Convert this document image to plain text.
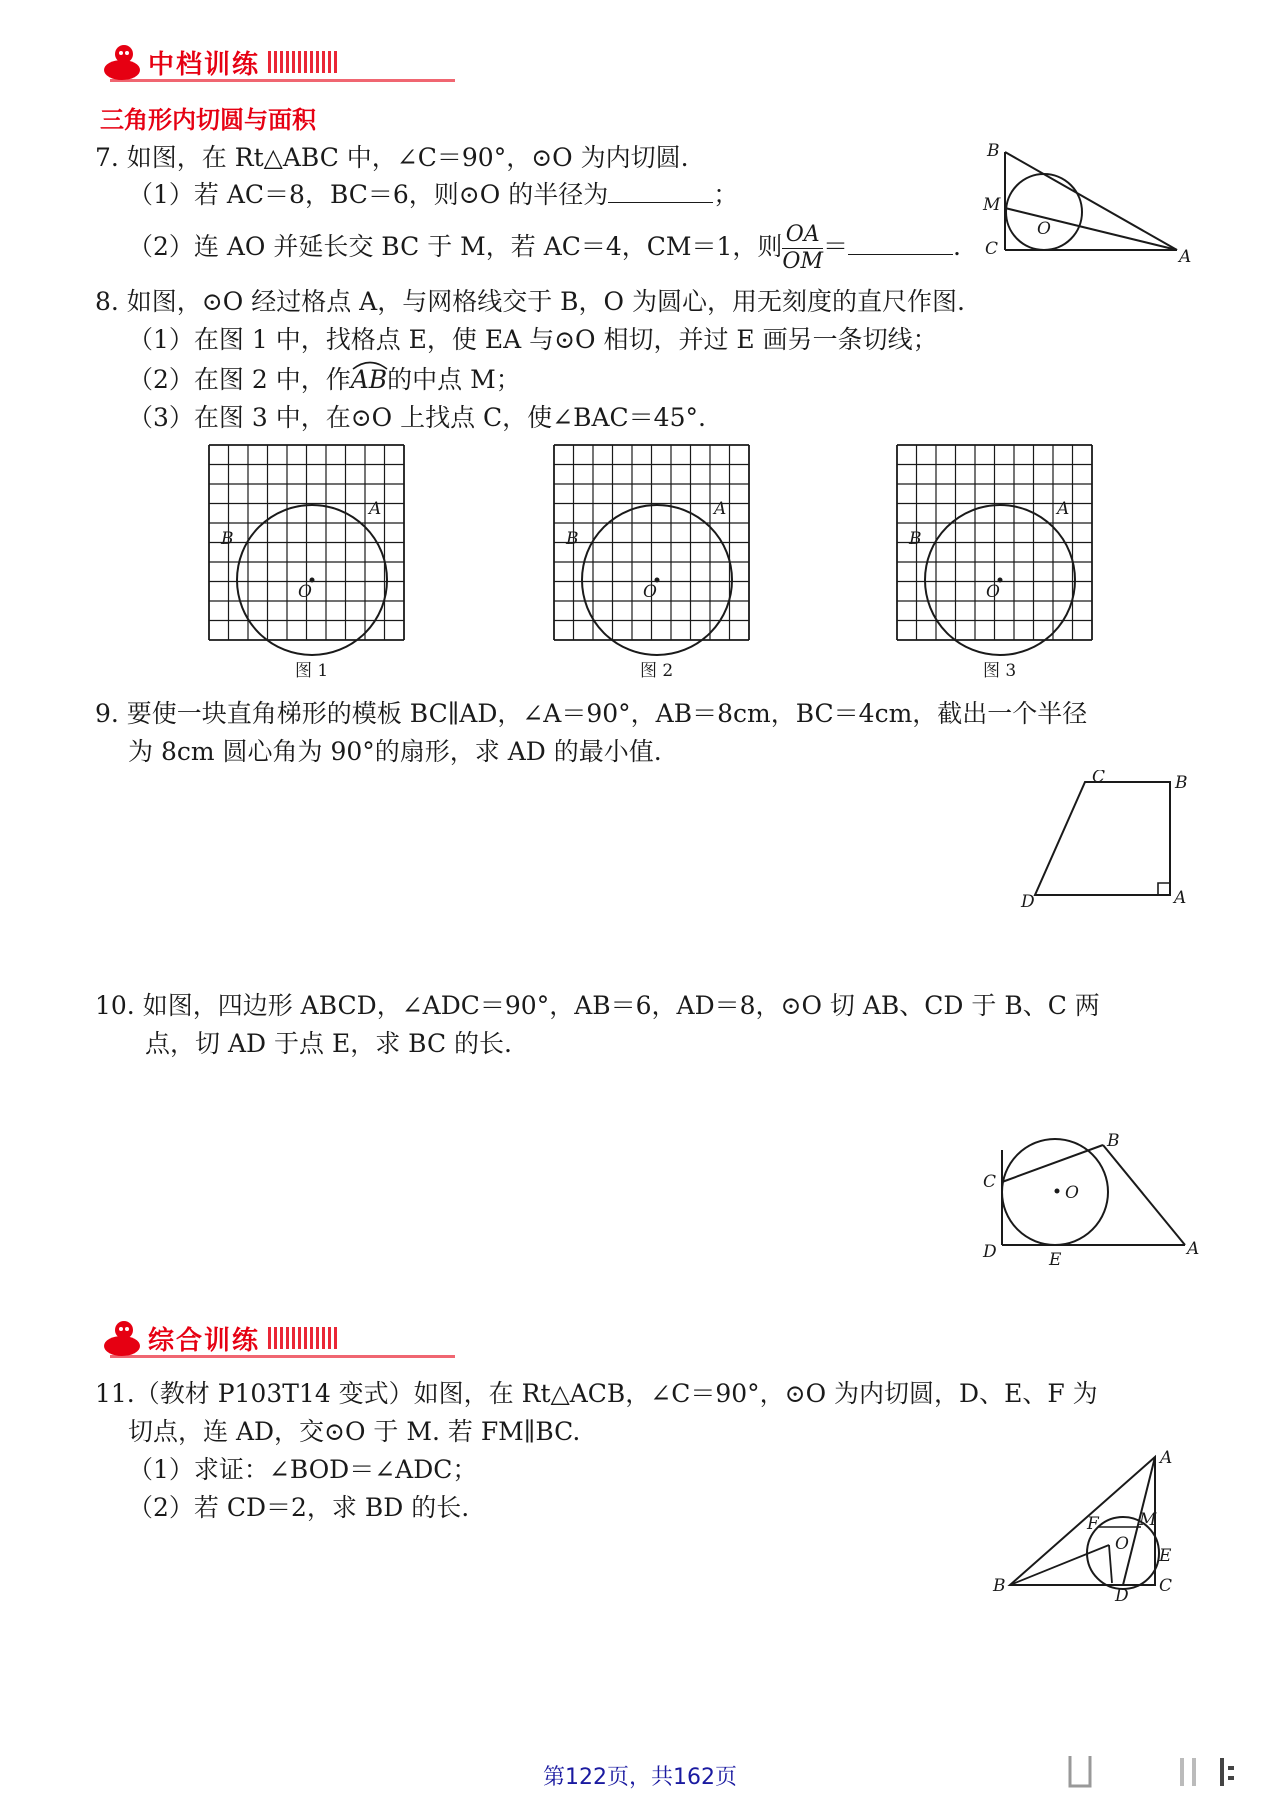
中档训练
三角形内切圆与面积
7. 如图，在 Rt△ABC 中，∠C＝90°，⊙O 为内切圆.
（1）若 AC＝8，BC＝6，则⊙O 的半径为	；
（2）连 AO 并延长交 BC 于 M，若 AC＝4，CM＝1，则 $\frac{OA}{OM}$ ＝	.
B
M
O
C	A
8. 如图，⊙O 经过格点 A，与网格线交于 B，O 为圆心，用无刻度的直尺作图.
（1）在图 1 中，找格点 E，使 EA 与⊙O 相切，并过 E 画另一条切线；
（2）在图 2 中，作
AB的中点 M；
（3）在图 3 中，在⊙O 上找点 C，使∠BAC＝45°.
A
B
O
图 1
A
B
O
图 2
A
B
O
图 3
9. 要使一块直角梯形的模板 BC∥AD，∠A＝90°，AB＝8cm，BC＝4cm，截出一个半径
为 8cm 圆心角为 90°的扇形，求 AD 的最小值.
C	B
D	A
10. 如图，四边形 ABCD，∠ADC＝90°，AB＝6，AD＝8，⊙O 切 AB、CD 于 B、C 两
点，切 AD 于点 E，求 BC 的长.
B
C
O
D	E
A
综合训练
11.（教材 P103T14 变式）如图，在 Rt△ACB，∠C＝90°，⊙O 为内切圆，D、E、F 为
切点，连 AD，交⊙O 于 M. 若 FM∥BC.
（1）求证：∠BOD＝∠ADC；
（2）若 CD＝2，求 BD 的长.
A
M
F
O
E
B	D C
第122页，共162页
